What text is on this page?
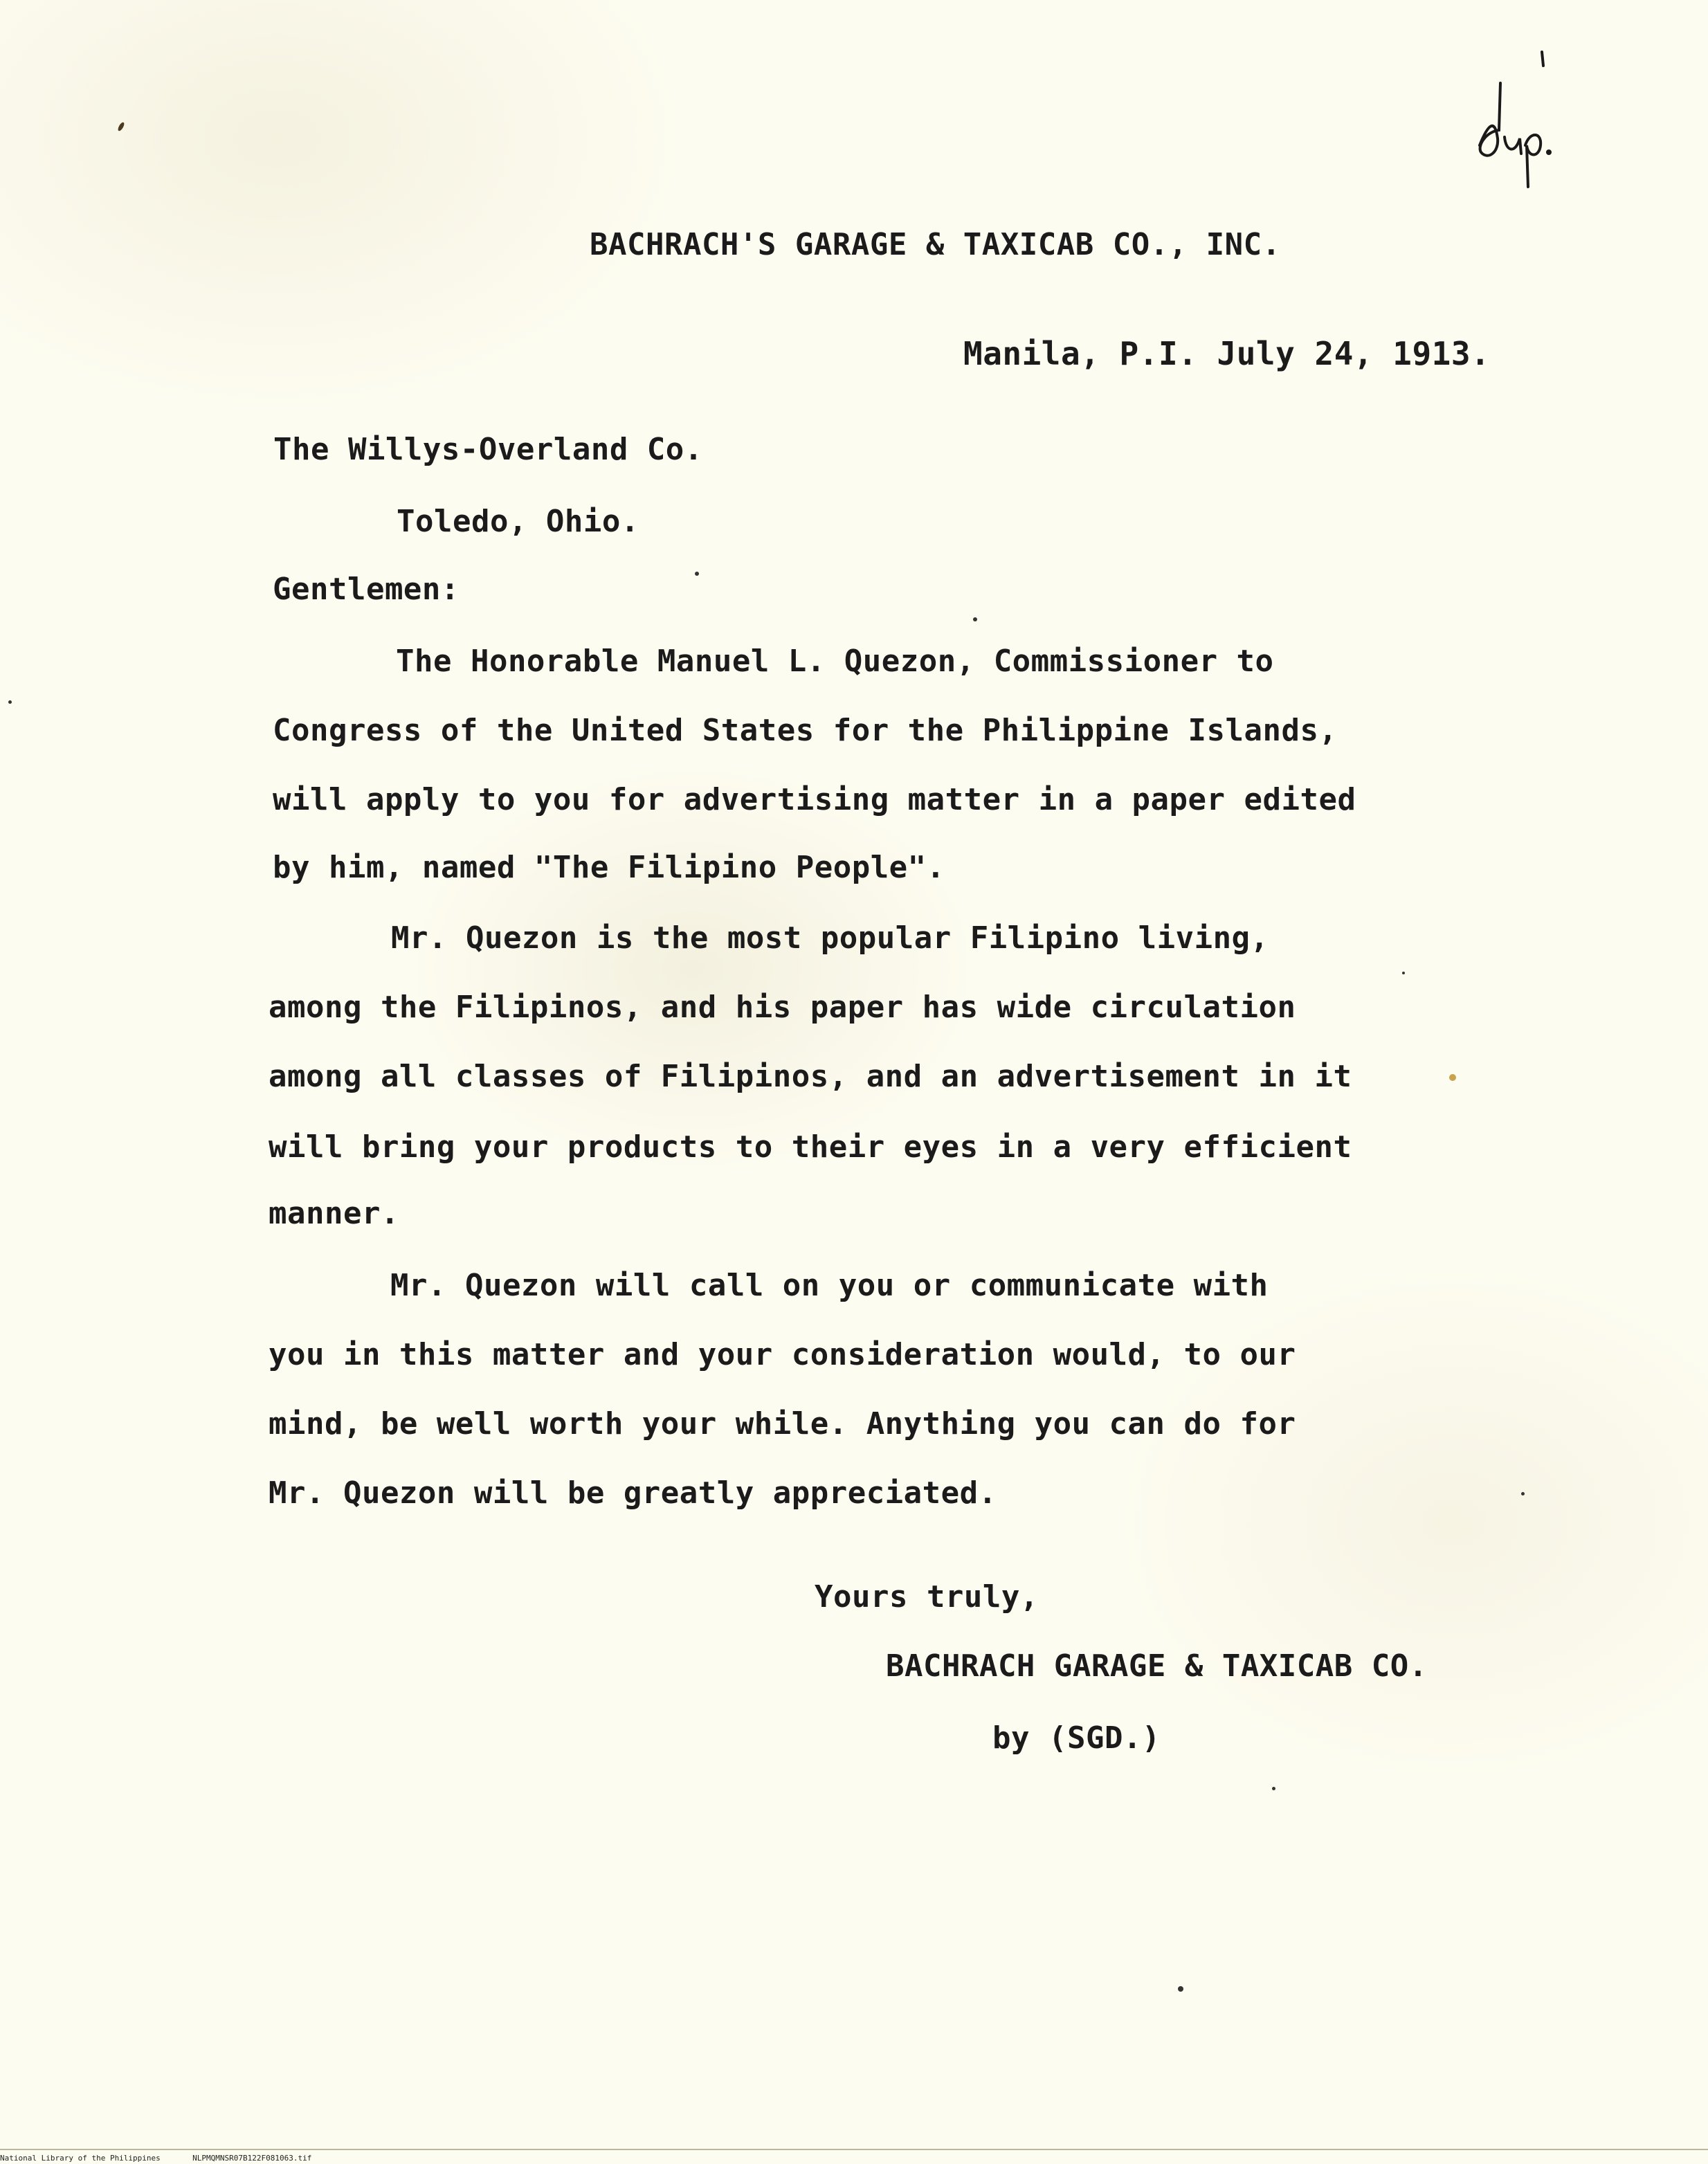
BACHRACH'S GARAGE & TAXICAB CO., INC.
Manila, P.I. July 24, 1913.
The Willys-Overland Co.
Toledo, Ohio.
Gentlemen:
The Honorable Manuel L. Quezon, Commissioner to
Congress of the United States for the Philippine Islands,
will apply to you for advertising matter in a paper edited
by him, named "The Filipino People".
Mr. Quezon is the most popular Filipino living,
among the Filipinos, and his paper has wide circulation
among all classes of Filipinos, and an advertisement in it
will bring your products to their eyes in a very efficient
manner.
Mr. Quezon will call on you or communicate with
you in this matter and your consideration would, to our
mind, be well worth your while. Anything you can do for
Mr. Quezon will be greatly appreciated.
Yours truly,
BACHRACH GARAGE & TAXICAB CO.
by (SGD.)
National Library of the Philippines	NLPMQMNSR07B122F081063.tif
